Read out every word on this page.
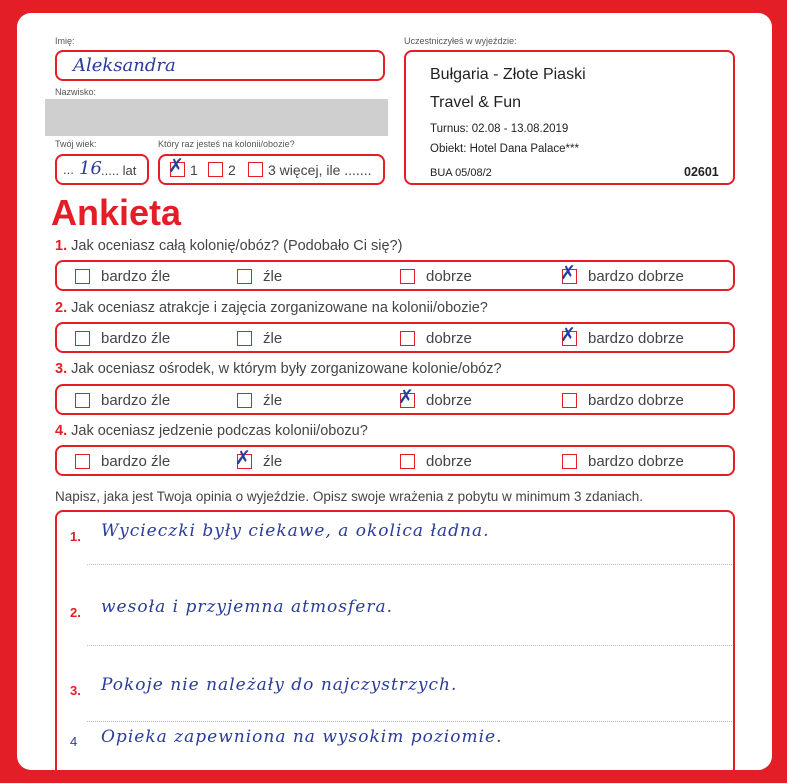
Imię:
Aleksandra
Nazwisko:
Twój wiek:
... 16 ..... lat
Który raz jesteś na kolonii/obozie?
✗ 1 2 3 więcej, ile .......
Uczestniczyłeś w wyjeździe:
Bułgaria - Złote Piaski
Travel & Fun
Turnus: 02.08 - 13.08.2019
Obiekt: Hotel Dana Palace***
BUA 05/08/2	02601
Ankieta
1. Jak oceniasz całą kolonię/obóz? (Podobało Ci się?)
bardzo źle	źle	dobrze	✗ bardzo dobrze
2. Jak oceniasz atrakcje i zajęcia zorganizowane na kolonii/obozie?
bardzo źle	źle	dobrze	✗ bardzo dobrze
3. Jak oceniasz ośrodek, w którym były zorganizowane kolonie/obóz?
bardzo źle	źle	✗ dobrze	bardzo dobrze
4. Jak oceniasz jedzenie podczas kolonii/obozu?
bardzo źle	✗ źle	dobrze	bardzo dobrze
Napisz, jaka jest Twoja opinia o wyjeździe. Opisz swoje wrażenia z pobytu w minimum 3 zdaniach.
1. Wycieczki były ciekawe, a okolica ładna.
2. wesoła i przyjemna atmosfera.
3. Pokoje nie należały do najczystrzych.
4 Opieka zapewniona na wysokim poziomie.
